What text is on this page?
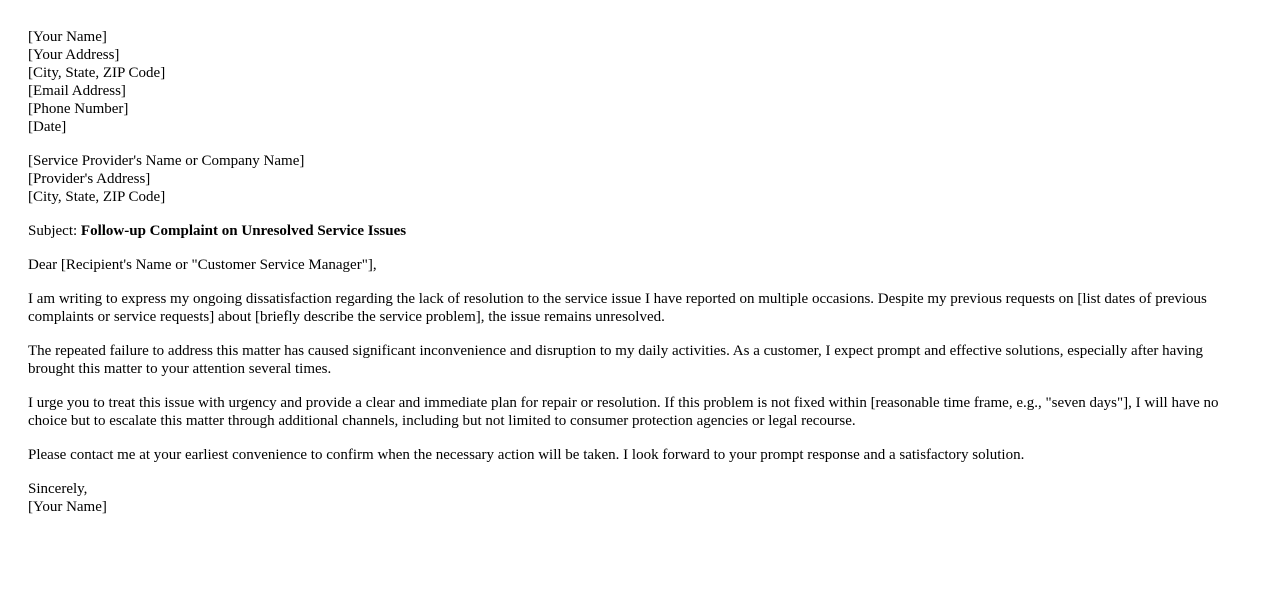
[Your Name]
[Your Address]
[City, State, ZIP Code]
[Email Address]
[Phone Number]
[Date]
[Service Provider's Name or Company Name]
[Provider's Address]
[City, State, ZIP Code]

Subject: Follow-up Complaint on Unresolved Service Issues

Dear [Recipient's Name or "Customer Service Manager"],

I am writing to express my ongoing dissatisfaction regarding the lack of resolution to the service issue I have reported on multiple occasions. Despite my previous requests on [list dates of previous complaints or service requests] about [briefly describe the service problem], the issue remains unresolved.

The repeated failure to address this matter has caused significant inconvenience and disruption to my daily activities. As a customer, I expect prompt and effective solutions, especially after having brought this matter to your attention several times.

I urge you to treat this issue with urgency and provide a clear and immediate plan for repair or resolution. If this problem is not fixed within [reasonable time frame, e.g., "seven days"], I will have no choice but to escalate this matter through additional channels, including but not limited to consumer protection agencies or legal recourse.

Please contact me at your earliest convenience to confirm when the necessary action will be taken. I look forward to your prompt response and a satisfactory solution.

Sincerely,
[Your Name]
